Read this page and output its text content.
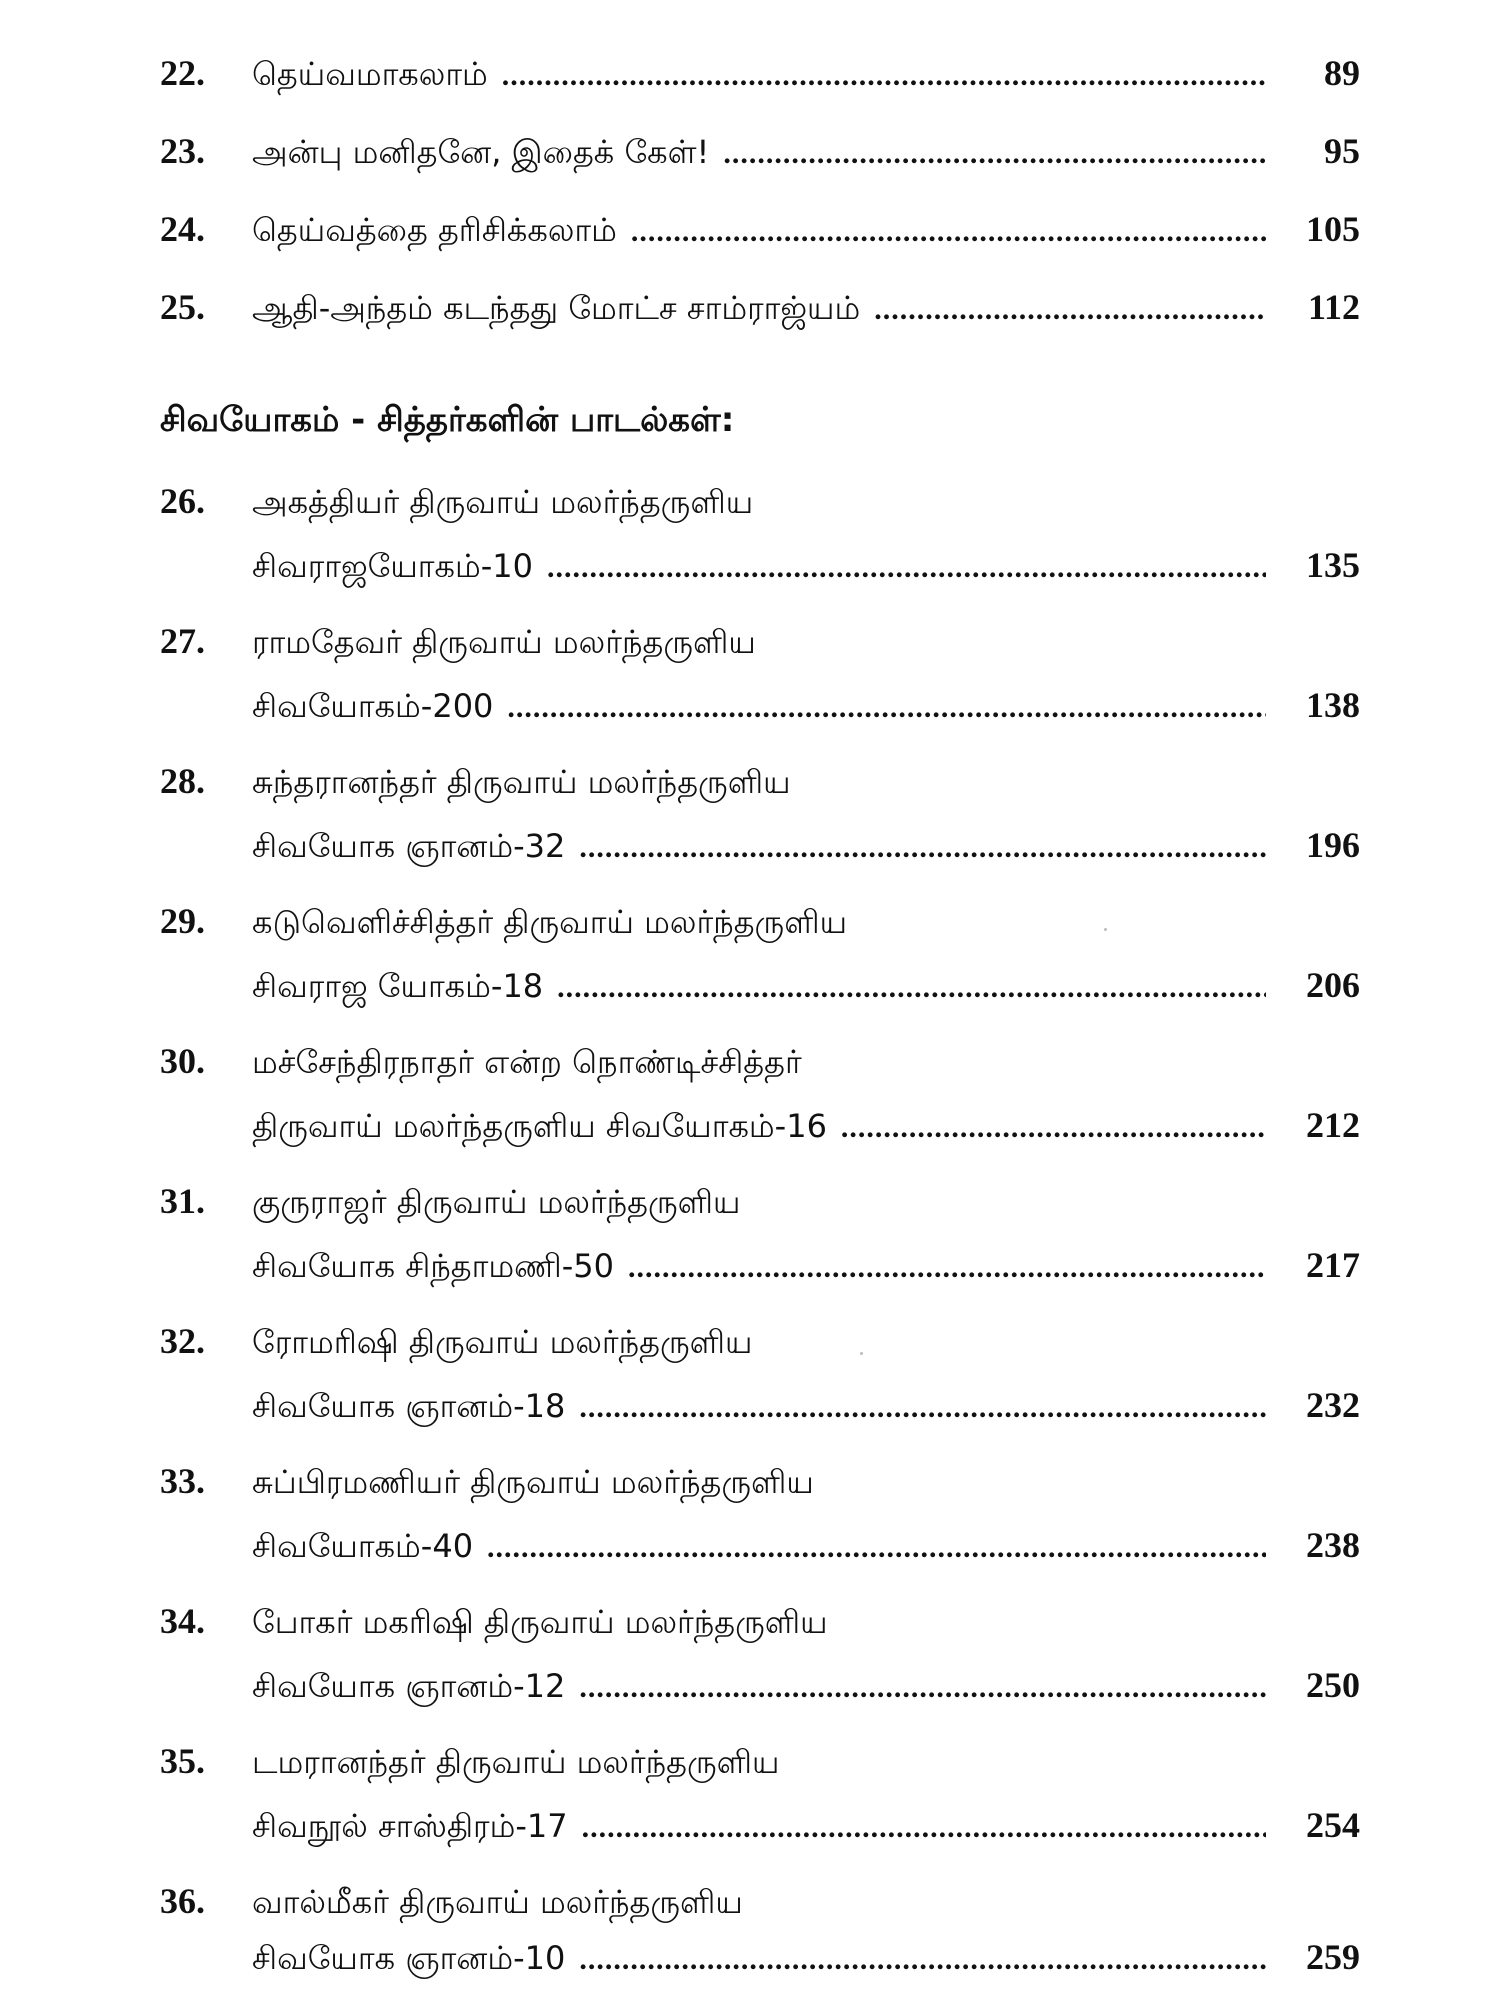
22.	தெய்வமாகலாம் .....	89
23.	அன்பு மனிதனே, இதைக் கேள்! .....	95
24.	தெய்வத்தை தரிசிக்கலாம் .....	105
25.	ஆதி-அந்தம் கடந்தது மோட்ச சாம்ராஜ்யம் .....	112
சிவயோகம் - சித்தர்களின் பாடல்கள்:
26.	அகத்தியர் திருவாய் மலர்ந்தருளிய
சிவராஜயோகம்-10 .....	135
27.	ராமதேவர் திருவாய் மலர்ந்தருளிய
சிவயோகம்-200 .....	138
28.	சுந்தரானந்தர் திருவாய் மலர்ந்தருளிய
சிவயோக ஞானம்-32 .....	196
29.	கடுவெளிச்சித்தர் திருவாய் மலர்ந்தருளிய
சிவராஜ யோகம்-18 .....	206
30.	மச்சேந்திரநாதர் என்ற நொண்டிச்சித்தர்
திருவாய் மலர்ந்தருளிய சிவயோகம்-16 .....	212
31.	குருராஜர் திருவாய் மலர்ந்தருளிய
சிவயோக சிந்தாமணி-50 .....	217
32.	ரோமரிஷி திருவாய் மலர்ந்தருளிய
சிவயோக ஞானம்-18 .....	232
33.	சுப்பிரமணியர் திருவாய் மலர்ந்தருளிய
சிவயோகம்-40 .....	238
34.	போகர் மகரிஷி திருவாய் மலர்ந்தருளிய
சிவயோக ஞானம்-12 .....	250
35.	டமரானந்தர் திருவாய் மலர்ந்தருளிய
சிவநூல் சாஸ்திரம்-17 .....	254
36.	வால்மீகர் திருவாய் மலர்ந்தருளிய
சிவயோக ஞானம்-10 .....	259
